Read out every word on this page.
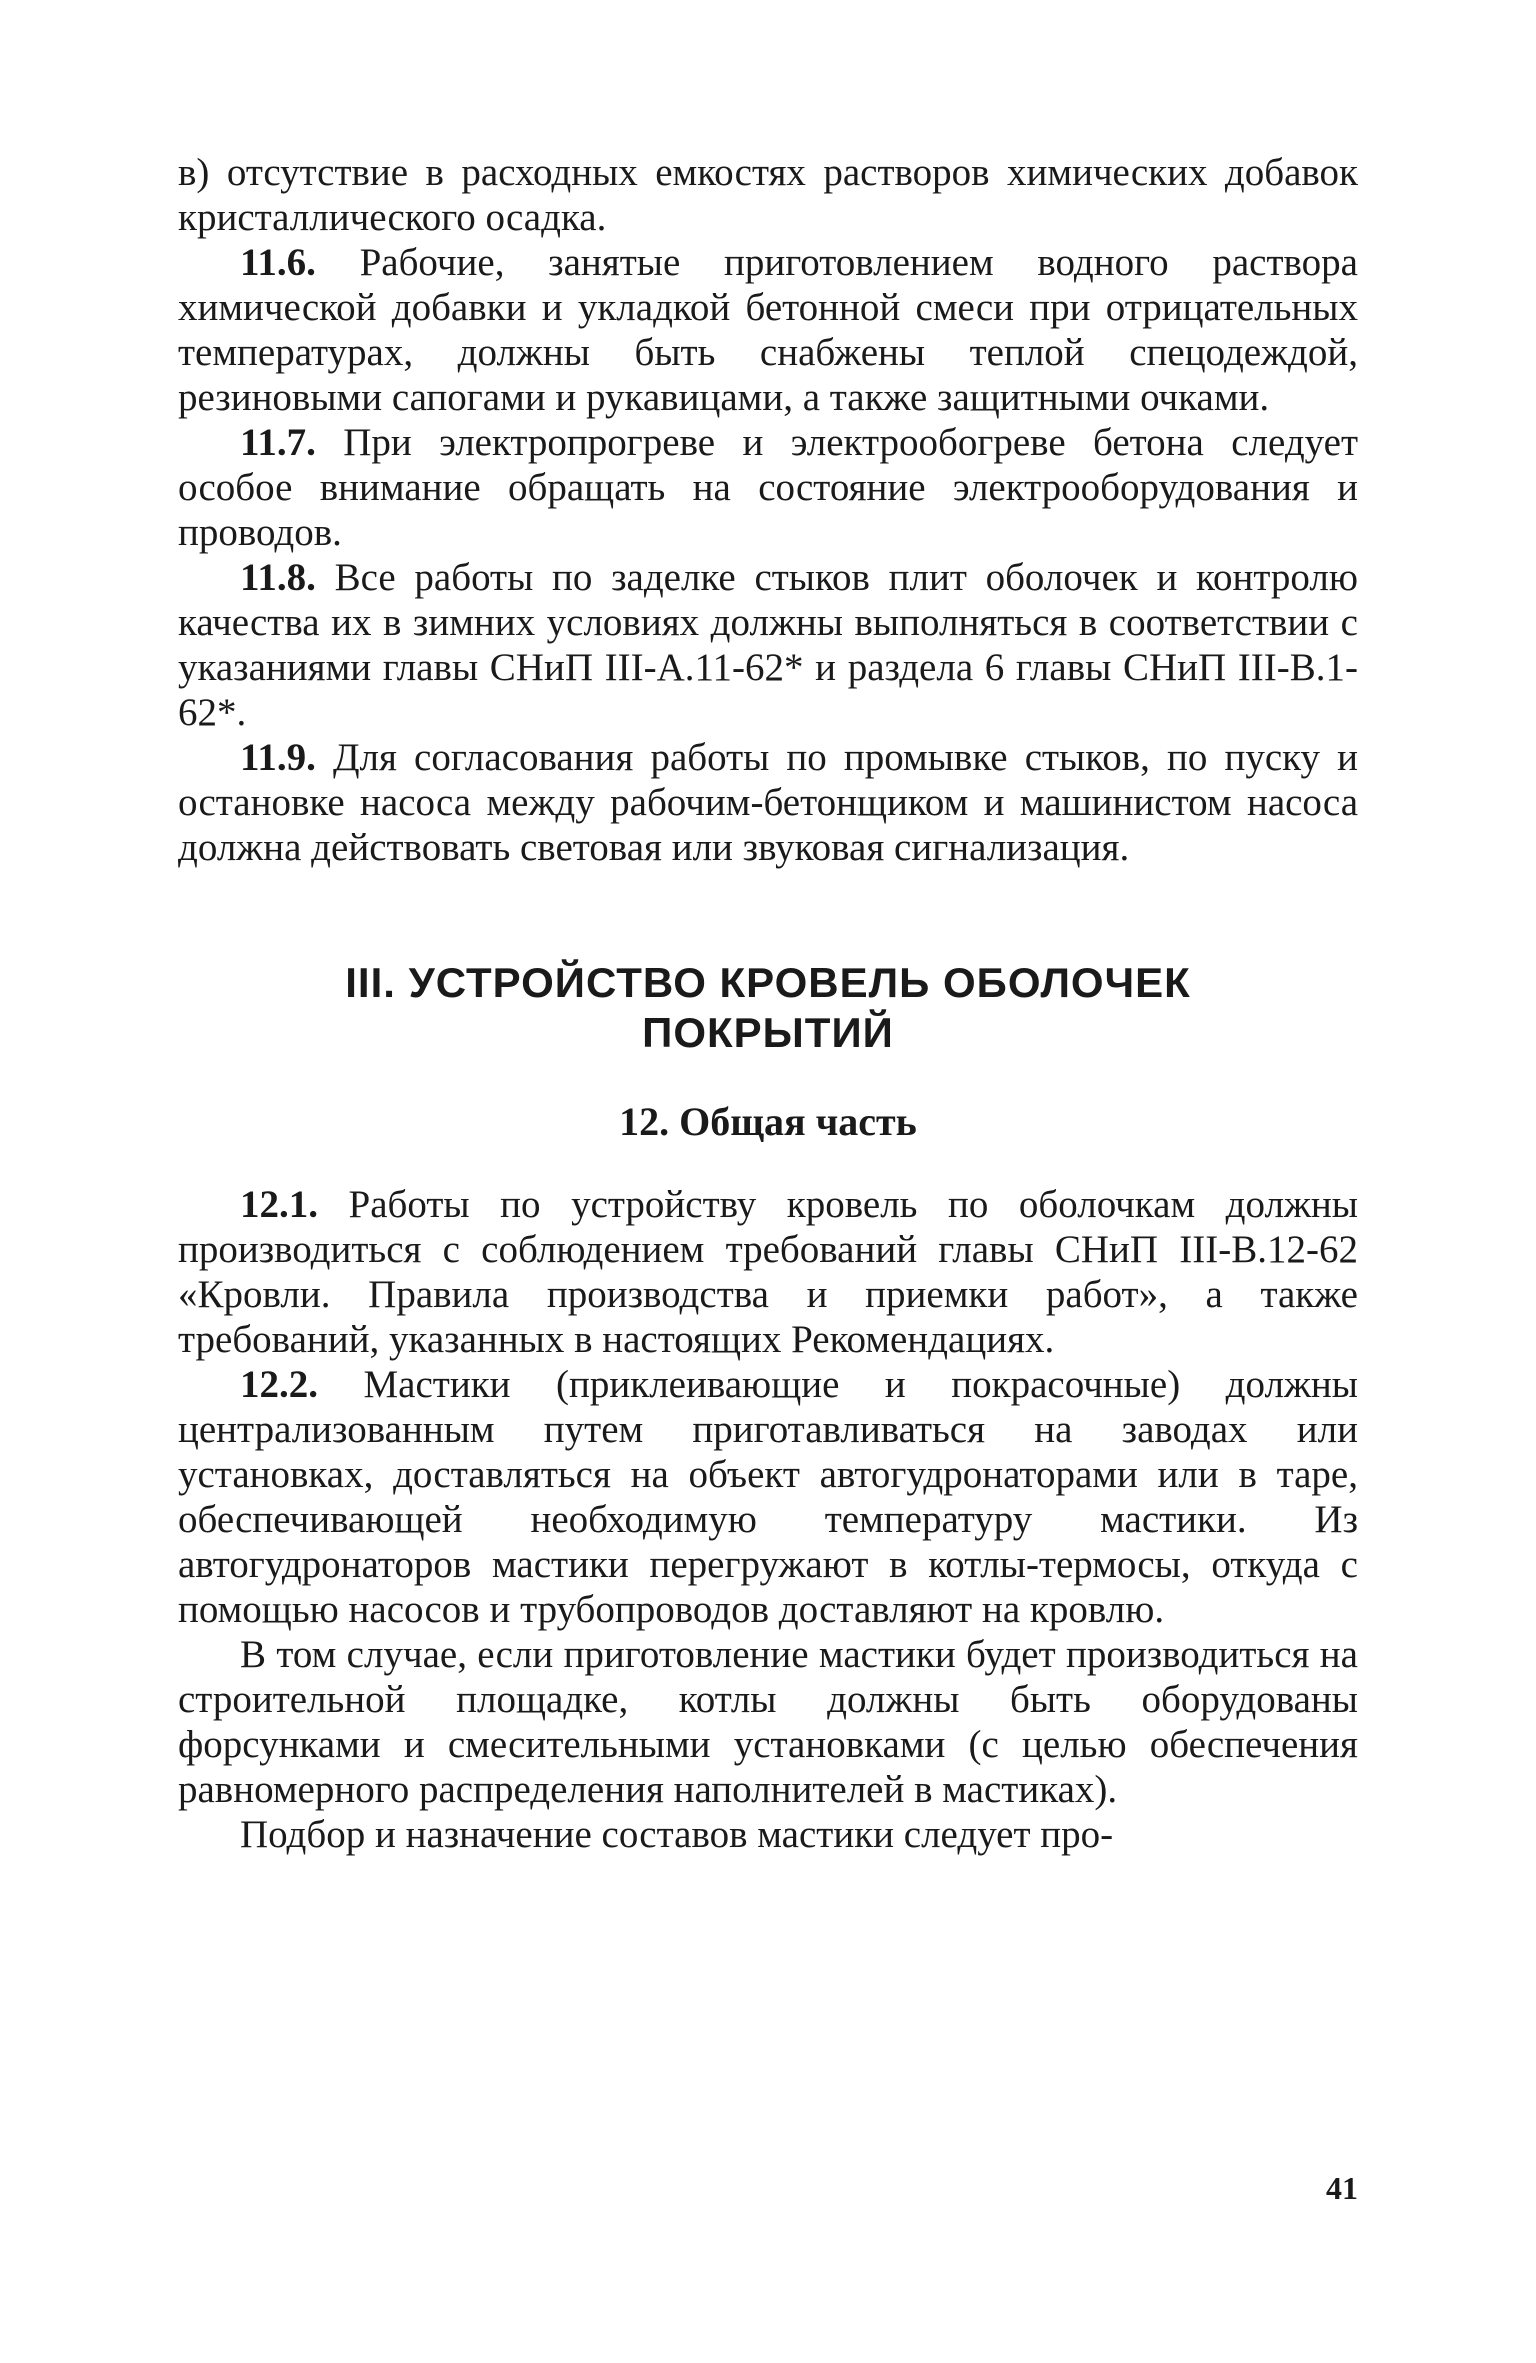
в) отсутствие в расходных емкостях растворов химических добавок кристаллического осадка.

11.6. Рабочие, занятые приготовлением водного раствора химической добавки и укладкой бетонной смеси при отрицательных температурах, должны быть снабжены теплой спецодеждой, резиновыми сапогами и рукавицами, а также защитными очками.

11.7. При электропрогреве и электрообогреве бетона следует особое внимание обращать на состояние электрооборудования и проводов.

11.8. Все работы по заделке стыков плит оболочек и контролю качества их в зимних условиях должны выполняться в соответствии с указаниями главы СНиП III-А.11-62* и раздела 6 главы СНиП III-В.1-62*.

11.9. Для согласования работы по промывке стыков, по пуску и остановке насоса между рабочим-бетонщиком и машинистом насоса должна действовать световая или звуковая сигнализация.

III. УСТРОЙСТВО КРОВЕЛЬ ОБОЛОЧЕК
ПОКРЫТИЙ
12. Общая часть

12.1. Работы по устройству кровель по оболочкам должны производиться с соблюдением требований главы СНиП III-В.12-62 «Кровли. Правила производства и приемки работ», а также требований, указанных в настоящих Рекомендациях.

12.2. Мастики (приклеивающие и покрасочные) должны централизованным путем приготавливаться на заводах или установках, доставляться на объект автогудронаторами или в таре, обеспечивающей необходимую температуру мастики. Из автогудронаторов мастики перегружают в котлы-термосы, откуда с помощью насосов и трубопроводов доставляют на кровлю.

В том случае, если приготовление мастики будет производиться на строительной площадке, котлы должны быть оборудованы форсунками и смесительными установками (с целью обеспечения равномерного распределения наполнителей в мастиках).

Подбор и назначение составов мастики следует про-

41
